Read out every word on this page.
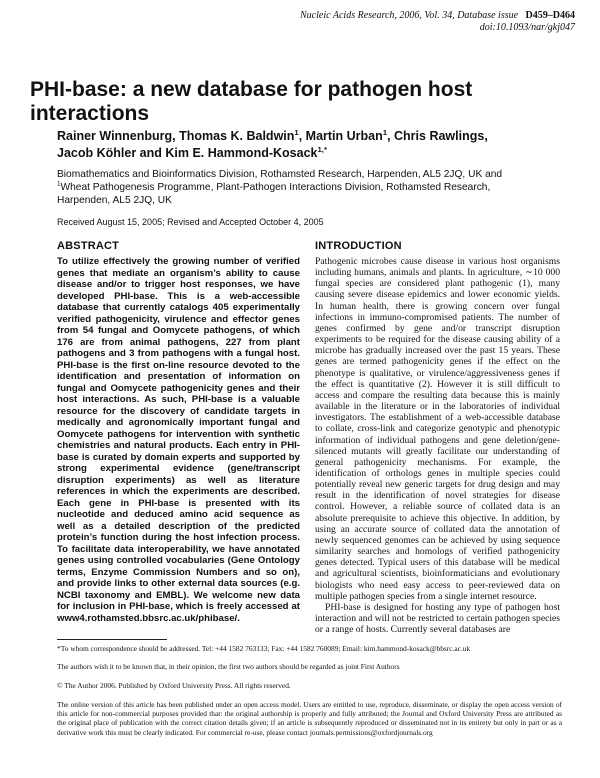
Nucleic Acids Research, 2006, Vol. 34, Database issue D459–D464
doi:10.1093/nar/gkj047
PHI-base: a new database for pathogen host interactions
Rainer Winnenburg, Thomas K. Baldwin$^1$, Martin Urban$^1$, Chris Rawlings,
Jacob Köhler and Kim E. Hammond-Kosack$^{1,*}$
Biomathematics and Bioinformatics Division, Rothamsted Research, Harpenden, AL5 2JQ, UK and
$^1$Wheat Pathogenesis Programme, Plant-Pathogen Interactions Division, Rothamsted Research,
Harpenden, AL5 2JQ, UK
Received August 15, 2005; Revised and Accepted October 4, 2005
ABSTRACT
To utilize effectively the growing number of verified genes that mediate an organism’s ability to cause disease and/or to trigger host responses, we have developed PHI-base. This is a web-accessible database that currently catalogs 405 experimentally verified pathogenicity, virulence and effector genes from 54 fungal and Oomycete pathogens, of which 176 are from animal pathogens, 227 from plant pathogens and 3 from pathogens with a fungal host. PHI-base is the first on-line resource devoted to the identification and presentation of information on fungal and Oomycete pathogenicity genes and their host interactions. As such, PHI-base is a valuable resource for the discovery of candidate targets in medically and agronomically important fungal and Oomycete pathogens for intervention with synthetic chemistries and natural products. Each entry in PHI-base is curated by domain experts and supported by strong experimental evidence (gene/transcript disruption experiments) as well as literature references in which the experiments are described. Each gene in PHI-base is presented with its nucleotide and deduced amino acid sequence as well as a detailed description of the predicted protein’s function during the host infection process. To facilitate data interoperability, we have annotated genes using controlled vocabularies (Gene Ontology terms, Enzyme Commission Numbers and so on), and provide links to other external data sources (e.g. NCBI taxonomy and EMBL). We welcome new data for inclusion in PHI-base, which is freely accessed at www4.rothamsted.bbsrc.ac.uk/phibase/.
INTRODUCTION

Pathogenic microbes cause disease in various host organisms including humans, animals and plants. In agriculture, ∼10 000 fungal species are considered plant pathogenic (1), many causing severe disease epidemics and lower economic yields. In human health, there is growing concern over fungal infections in immuno-compromised patients. The number of genes confirmed by gene and/or transcript disruption experiments to be required for the disease causing ability of a microbe has gradually increased over the past 15 years. These genes are termed pathogenicity genes if the effect on the phenotype is qualitative, or virulence/aggressiveness genes if the effect is quantitative (2). However it is still difficult to access and compare the resulting data because this is mainly available in the literature or in the laboratories of individual investigators. The establishment of a web-accessible database to collate, cross-link and categorize genotypic and phenotypic information of individual pathogens and gene deletion/gene-silenced mutants will greatly facilitate our understanding of general pathogenicity mechanisms. For example, the identification of orthologs genes in multiple species could potentially reveal new generic targets for drug design and may result in the identification of novel strategies for disease control. However, a reliable source of collated data is an absolute prerequisite to achieve this objective. In addition, by using an accurate source of collated data the annotation of newly sequenced genomes can be achieved by using sequence similarity searches and homologs of verified pathogenicity genes detected. Typical users of this database will be medical and agricultural scientists, bioinformaticians and evolutionary biologists who need easy access to peer-reviewed data on multiple pathogen species from a single internet resource.

PHI-base is designed for hosting any type of pathogen host interaction and will not be restricted to certain pathogen species or a range of hosts. Currently several databases are

*To whom correspondence should be addressed. Tel: +44 1582 763133; Fax: +44 1582 760089; Email: kim.hammond-kosack@bbsrc.ac.uk
The authors wish it to be known that, in their opinion, the first two authors should be regarded as joint First Authors
© The Author 2006. Published by Oxford University Press. All rights reserved.
The online version of this article has been published under an open access model. Users are entitled to use, reproduce, disseminate, or display the open access version of this article for non-commercial purposes provided that: the original authorship is properly and fully attributed; the Journal and Oxford University Press are attributed as the original place of publication with the correct citation details given; if an article is subsequently reproduced or disseminated not in its entirety but only in part or as a derivative work this must be clearly indicated. For commercial re-use, please contact journals.permissions@oxfordjournals.org
